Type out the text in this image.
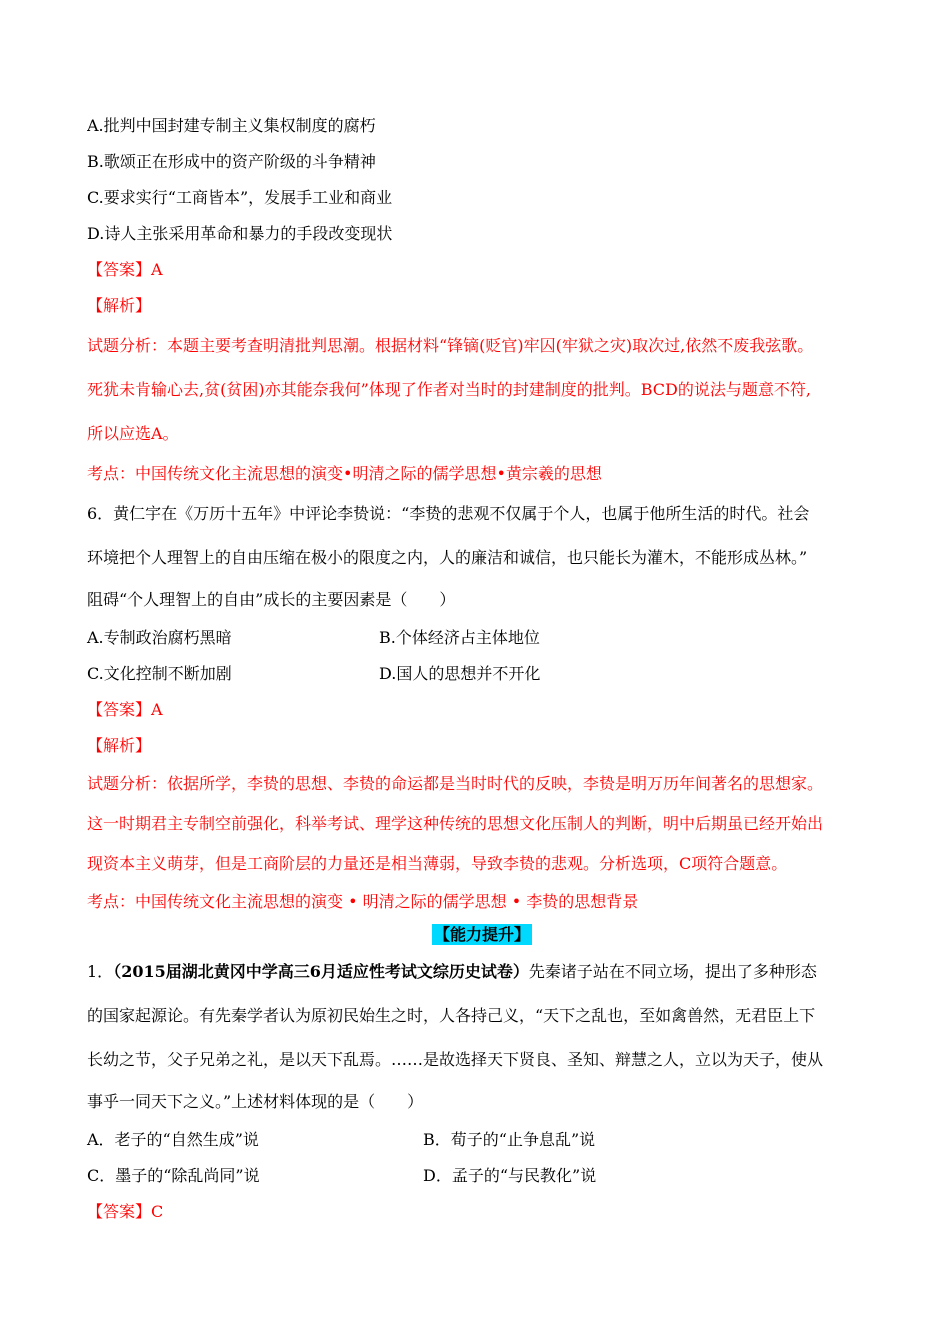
A.批判中国封建专制主义集权制度的腐朽
B.歌颂正在形成中的资产阶级的斗争精神
C.要求实行“工商皆本”，发展手工业和商业
D.诗人主张采用革命和暴力的手段改变现状
【答案】A
【解析】
试题分析：本题主要考查明清批判思潮。根据材料“锋镝(贬官)牢囚(牢狱之灾)取次过,依然不废我弦歌。
死犹未肯输心去,贫(贫困)亦其能奈我何”体现了作者对当时的封建制度的批判。BCD的说法与题意不符,
所以应选A。
考点：中国传统文化主流思想的演变•明清之际的儒学思想•黄宗羲的思想
6．黄仁宇在《万历十五年》中评论李贽说：“李贽的悲观不仅属于个人，也属于他所生活的时代。社会
环境把个人理智上的自由压缩在极小的限度之内，人的廉洁和诚信，也只能长为灌木，不能形成丛林。”
阻碍“个人理智上的自由”成长的主要因素是（　　）
A.专制政治腐朽黑暗	B.个体经济占主体地位
C.文化控制不断加剧	D.国人的思想并不开化
【答案】A
【解析】
试题分析：依据所学，李贽的思想、李贽的命运都是当时时代的反映，李贽是明万历年间著名的思想家。
这一时期君主专制空前强化，科举考试、理学这种传统的思想文化压制人的判断，明中后期虽已经开始出
现资本主义萌芽，但是工商阶层的力量还是相当薄弱，导致李贽的悲观。分析选项，C项符合题意。
考点：中国传统文化主流思想的演变 • 明清之际的儒学思想 • 李贽的思想背景
【能力提升】
1．（2015届湖北黄冈中学高三6月适应性考试文综历史试卷）先秦诸子站在不同立场，提出了多种形态
的国家起源论。有先秦学者认为原初民始生之时，人各持己义，“天下之乱也，至如禽兽然，无君臣上下
长幼之节，父子兄弟之礼，是以天下乱焉。……是故选择天下贤良、圣知、辩慧之人，立以为天子，使从
事乎一同天下之义。”上述材料体现的是（　　）
A．老子的“自然生成”说	B．荀子的“止争息乱”说
C．墨子的“除乱尚同”说	D．孟子的“与民教化”说
【答案】C
